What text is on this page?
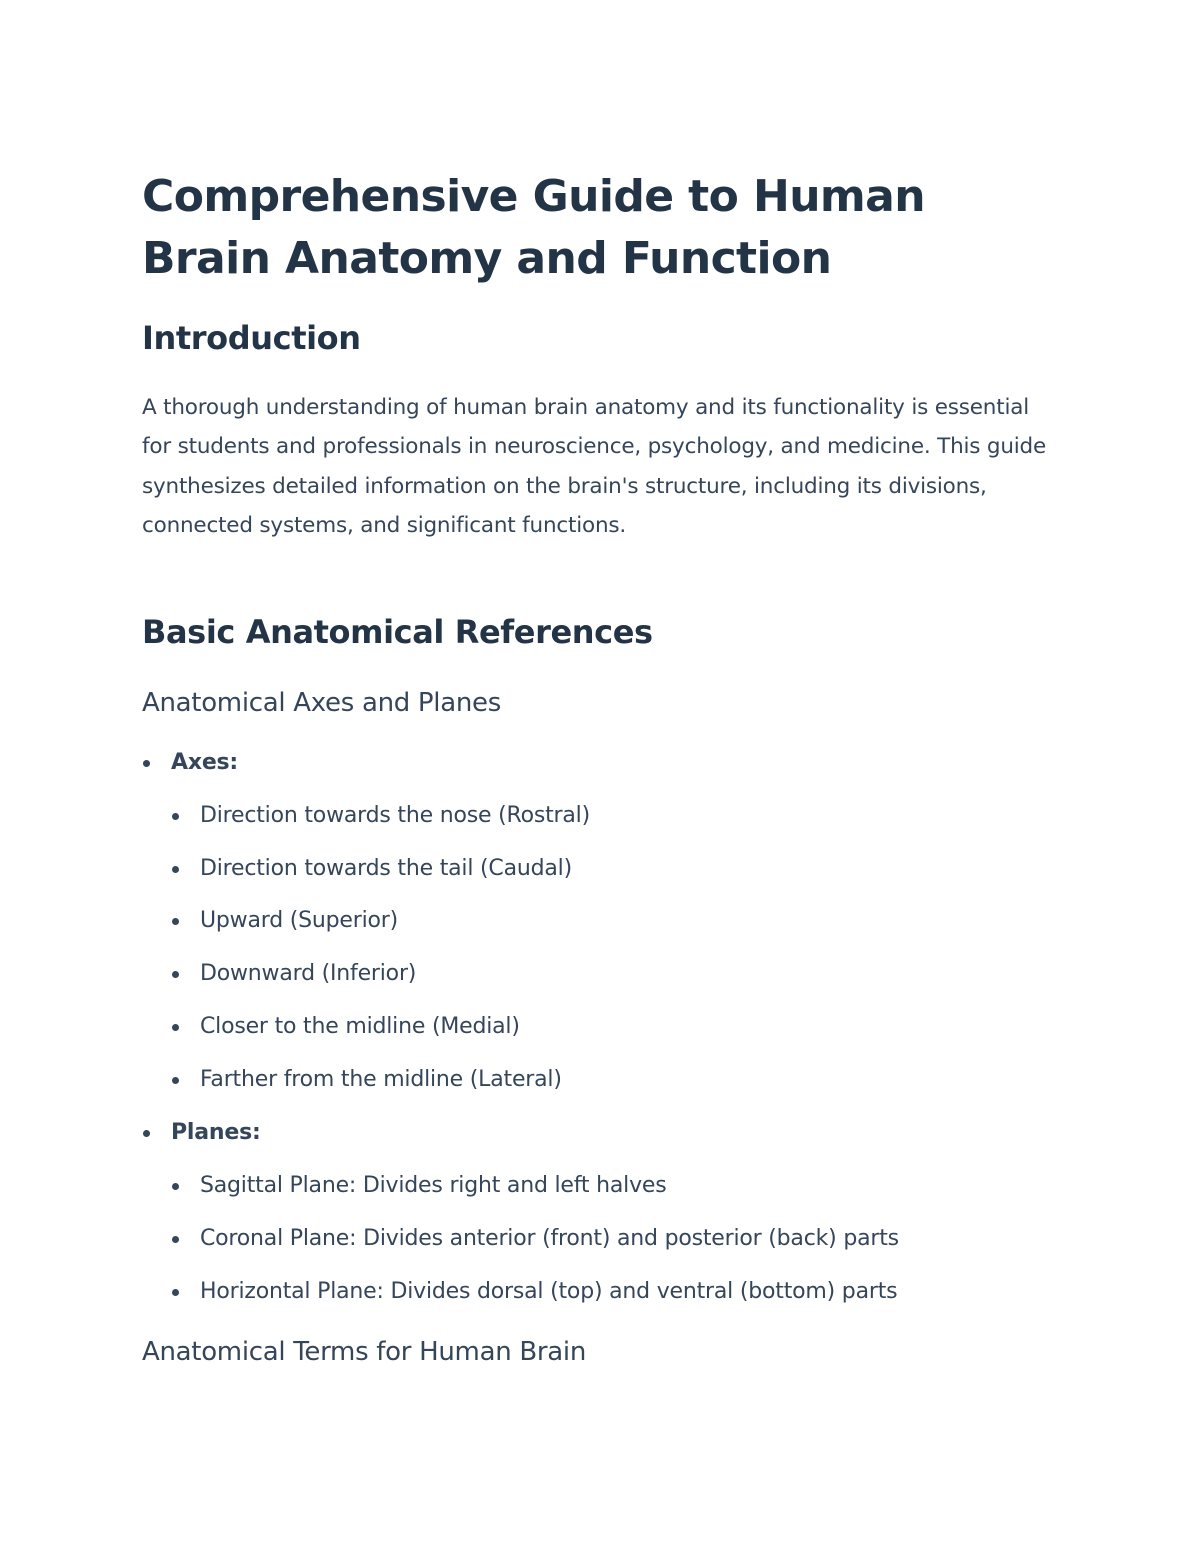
Comprehensive Guide to Human Brain Anatomy and Function
Introduction

A thorough understanding of human brain anatomy and its functionality is essential for students and professionals in neuroscience, psychology, and medicine. This guide synthesizes detailed information on the brain's structure, including its divisions, connected systems, and significant functions.

Basic Anatomical References
Anatomical Axes and Planes
Axes:
Direction towards the nose (Rostral)
Direction towards the tail (Caudal)
Upward (Superior)
Downward (Inferior)
Closer to the midline (Medial)
Farther from the midline (Lateral)
Planes:
Sagittal Plane: Divides right and left halves
Coronal Plane: Divides anterior (front) and posterior (back) parts
Horizontal Plane: Divides dorsal (top) and ventral (bottom) parts
Anatomical Terms for Human Brain
